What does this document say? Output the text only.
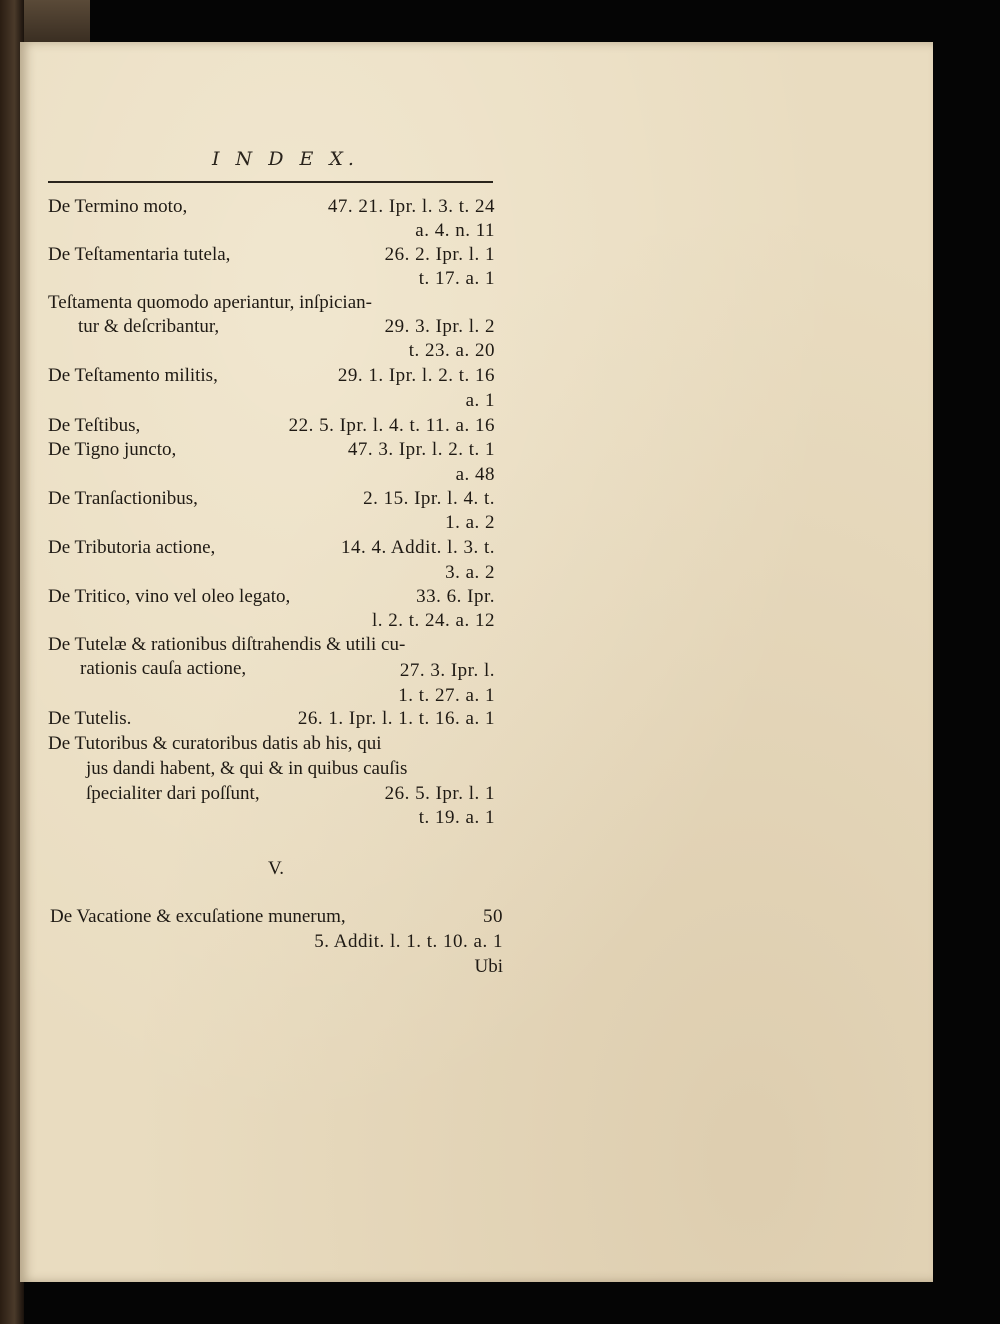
I N D E X.
De Termino moto,	47. 21. Ipr. l. 3. t. 24
a. 4. n. 11
De Teſtamentaria tutela,	26. 2. Ipr. l. 1
t. 17. a. 1
Teſtamenta quomodo aperiantur, inſpician-
tur & deſcribantur,	29. 3. Ipr. l. 2
t. 23. a. 20
De Teſtamento militis,	29. 1. Ipr. l. 2. t. 16
a. 1
De Teſtibus,	22. 5. Ipr. l. 4. t. 11. a. 16
De Tigno juncto,	47. 3. Ipr. l. 2. t. 1
a. 48
De Tranſactionibus,	2. 15. Ipr. l. 4. t.
1. a. 2
De Tributoria actione,	14. 4. Addit. l. 3. t.
3. a. 2
De Tritico, vino vel oleo legato,	33. 6. Ipr.
l. 2. t. 24. a. 12
De Tutelæ & rationibus diſtrahendis & utili cu-
rationis cauſa actione,	27. 3. Ipr. l.
1. t. 27. a. 1
De Tutelis.	26. 1. Ipr. l. 1. t. 16. a. 1
De Tutoribus & curatoribus datis ab his, qui
jus dandi habent, & qui & in quibus cauſis
ſpecialiter dari poſſunt,	26. 5. Ipr. l. 1
t. 19. a. 1
V.
De Vacatione & excuſatione munerum,	50
5. Addit. l. 1. t. 10. a. 1
Ubi
